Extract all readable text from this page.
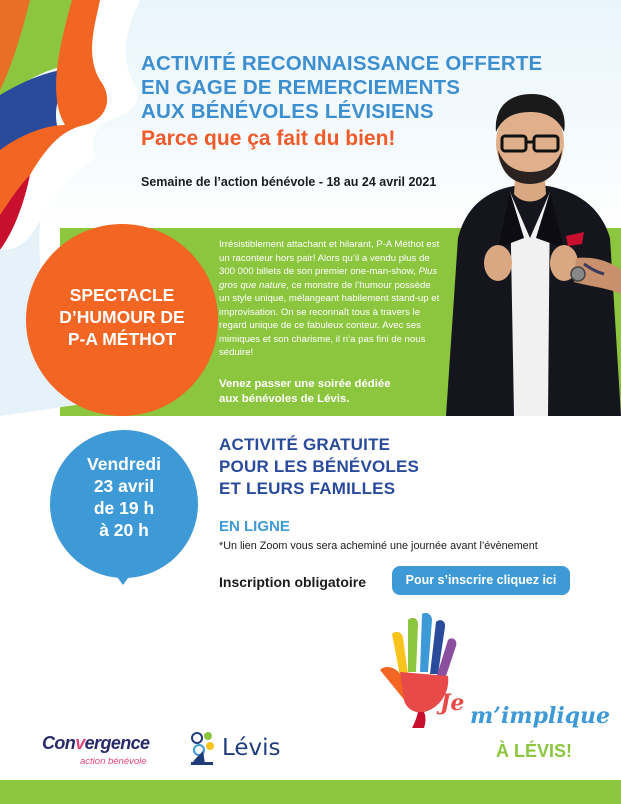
ACTIVITÉ RECONNAISSANCE OFFERTE
EN GAGE DE REMERCIEMENTS
AUX BÉNÉVOLES LÉVISIENS
Parce que ça fait du bien!
Semaine de l’action bénévole - 18 au 24 avril 2021
SPECTACLE
D’HUMOUR DE
P-A MÉTHOT
Irrésistiblement attachant et hilarant, P-A Méthot est un raconteur hors pair! Alors qu’il a vendu plus de 300 000 billets de son premier one-man-show, Plus gros que nature, ce monstre de l’humour possède un style unique, mélangeant habilement stand-up et improvisation. On se reconnaît tous à travers le regard unique de ce fabuleux conteur. Avec ses mimiques et son charisme, il n’a pas fini de nous séduire!
Venez passer une soirée dédiée
aux bénévoles de Lévis.
Vendredi
23 avril
de 19 h
à 20 h
ACTIVITÉ GRATUITE
POUR LES BÉNÉVOLES
ET LEURS FAMILLES
EN LIGNE
*Un lien Zoom vous sera acheminé une journée avant l’évènement
Inscription obligatoire	Pour s’inscrire cliquez ici
Je m’implique
À LÉVIS!
Convergence
action bénévole
Lévis
